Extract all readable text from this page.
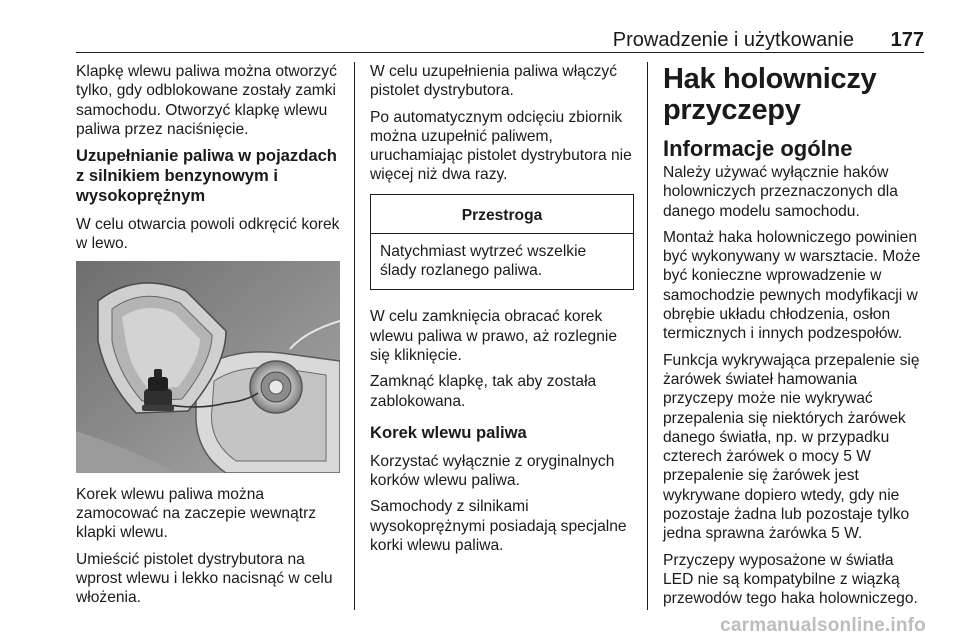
Prowadzenie i użytkowanie 177

Klapkę wlewu paliwa można otworzyć tylko, gdy odblokowane zostały zamki samochodu. Otworzyć klapkę wlewu paliwa przez naciśnięcie.

Uzupełnianie paliwa w pojazdach z silnikiem benzynowym i wysokoprężnym

W celu otwarcia powoli odkręcić korek w lewo.

Korek wlewu paliwa można zamocować na zaczepie wewnątrz klapki wlewu.

Umieścić pistolet dystrybutora na wprost wlewu i lekko nacisnąć w celu włożenia.

W celu uzupełnienia paliwa włączyć pistolet dystrybutora.

Po automatycznym odcięciu zbiornik można uzupełnić paliwem, uruchamiając pistolet dystrybutora nie więcej niż dwa razy.

Przestroga
Natychmiast wytrzeć wszelkie ślady rozlanego paliwa.

W celu zamknięcia obracać korek wlewu paliwa w prawo, aż rozlegnie się kliknięcie.

Zamknąć klapkę, tak aby została zablokowana.

Korek wlewu paliwa

Korzystać wyłącznie z oryginalnych korków wlewu paliwa.

Samochody z silnikami wysokoprężnymi posiadają specjalne korki wlewu paliwa.

Hak holowniczy przyczepy
Informacje ogólne

Należy używać wyłącznie haków holowniczych przeznaczonych dla danego modelu samochodu.

Montaż haka holowniczego powinien być wykonywany w warsztacie. Może być konieczne wprowadzenie w samochodzie pewnych modyfikacji w obrębie układu chłodzenia, osłon termicznych i innych podzespołów.

Funkcja wykrywająca przepalenie się żarówek świateł hamowania przyczepy może nie wykrywać przepalenia się niektórych żarówek danego światła, np. w przypadku czterech żarówek o mocy 5 W przepalenie się żarówek jest wykrywane dopiero wtedy, gdy nie pozostaje żadna lub pozostaje tylko jedna sprawna żarówka 5 W.

Przyczepy wyposażone w światła LED nie są kompatybilne z wiązką przewodów tego haka holowniczego.

carmanualsonline.info
